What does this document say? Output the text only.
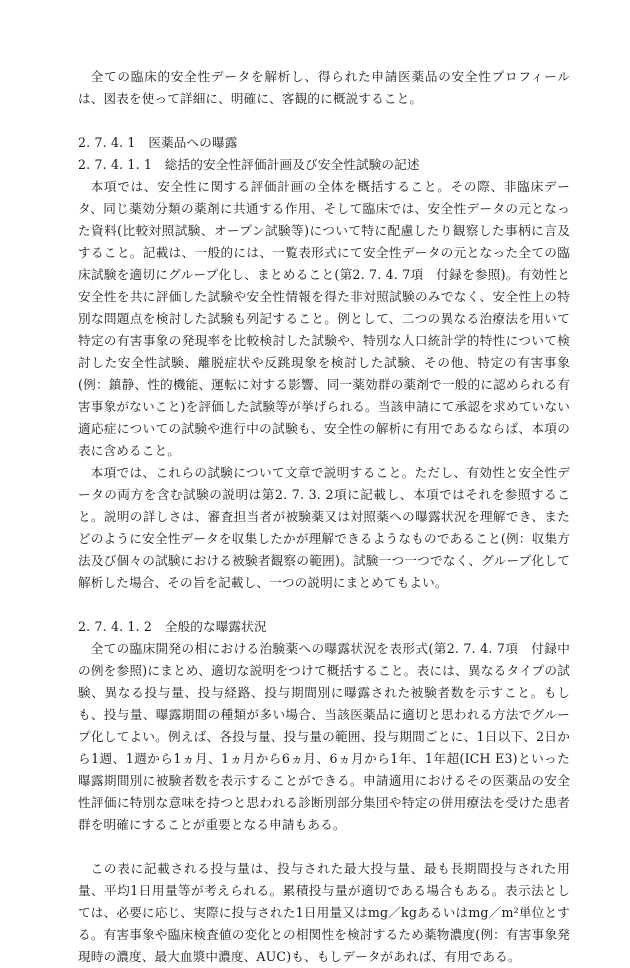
全ての臨床的安全性データを解析し、得られた申請医薬品の安全性プロフィールは、図表を使って詳細に、明確に、客観的に概説すること。

2. 7. 4. 1　医薬品への曝露
2. 7. 4. 1. 1　総括的安全性評価計画及び安全性試験の記述

本項では、安全性に関する評価計画の全体を概括すること。その際、非臨床データ、同じ薬効分類の薬剤に共通する作用、そして臨床では、安全性データの元となった資料(比較対照試験、オープン試験等)について特に配慮したり観察した事柄に言及すること。記載は、一般的には、一覧表形式にて安全性データの元となった全ての臨床試験を適切にグループ化し、まとめること(第2. 7. 4. 7項　付録を参照)。有効性と安全性を共に評価した試験や安全性情報を得た非対照試験のみでなく、安全性上の特別な問題点を検討した試験も列記すること。例として、二つの異なる治療法を用いて特定の有害事象の発現率を比較検討した試験や、特別な人口統計学的特性について検討した安全性試験、離脱症状や反跳現象を検討した試験、その他、特定の有害事象(例：鎮静、性的機能、運転に対する影響、同一薬効群の薬剤で一般的に認められる有害事象がないこと)を評価した試験等が挙げられる。当該申請にて承認を求めていない適応症についての試験や進行中の試験も、安全性の解析に有用であるならば、本項の表に含めること。

本項では、これらの試験について文章で説明すること。ただし、有効性と安全性データの両方を含む試験の説明は第2. 7. 3. 2項に記載し、本項ではそれを参照すること。説明の詳しさは、審査担当者が被験薬又は対照薬への曝露状況を理解でき、またどのように安全性データを収集したかが理解できるようなものであること(例：収集方法及び個々の試験における被験者観察の範囲)。試験一つ一つでなく、グループ化して解析した場合、その旨を記載し、一つの説明にまとめてもよい。

2. 7. 4. 1. 2　全般的な曝露状況

全ての臨床開発の相における治験薬への曝露状況を表形式(第2. 7. 4. 7項　付録中の例を参照)にまとめ、適切な説明をつけて概括すること。表には、異なるタイプの試験、異なる投与量、投与経路、投与期間別に曝露された被験者数を示すこと。もしも、投与量、曝露期間の種類が多い場合、当該医薬品に適切と思われる方法でグループ化してよい。例えば、各投与量、投与量の範囲、投与期間ごとに、1日以下、2日から1週、1週から1ヵ月、1ヵ月から6ヵ月、6ヵ月から1年、1年超(ICH E3)といった曝露期間別に被験者数を表示することができる。申請適用におけるその医薬品の安全性評価に特別な意味を持つと思われる診断別部分集団や特定の併用療法を受けた患者群を明確にすることが重要となる申請もある。

この表に記載される投与量は、投与された最大投与量、最も長期間投与された用量、平均1日用量等が考えられる。累積投与量が適切である場合もある。表示法としては、必要に応じ、実際に投与された1日用量又はmg／kgあるいはmg／m²単位とする。有害事象や臨床検査値の変化との相関性を検討するため薬物濃度(例：有害事象発現時の濃度、最大血漿中濃度、AUC)も、もしデータがあれば、有用である。
